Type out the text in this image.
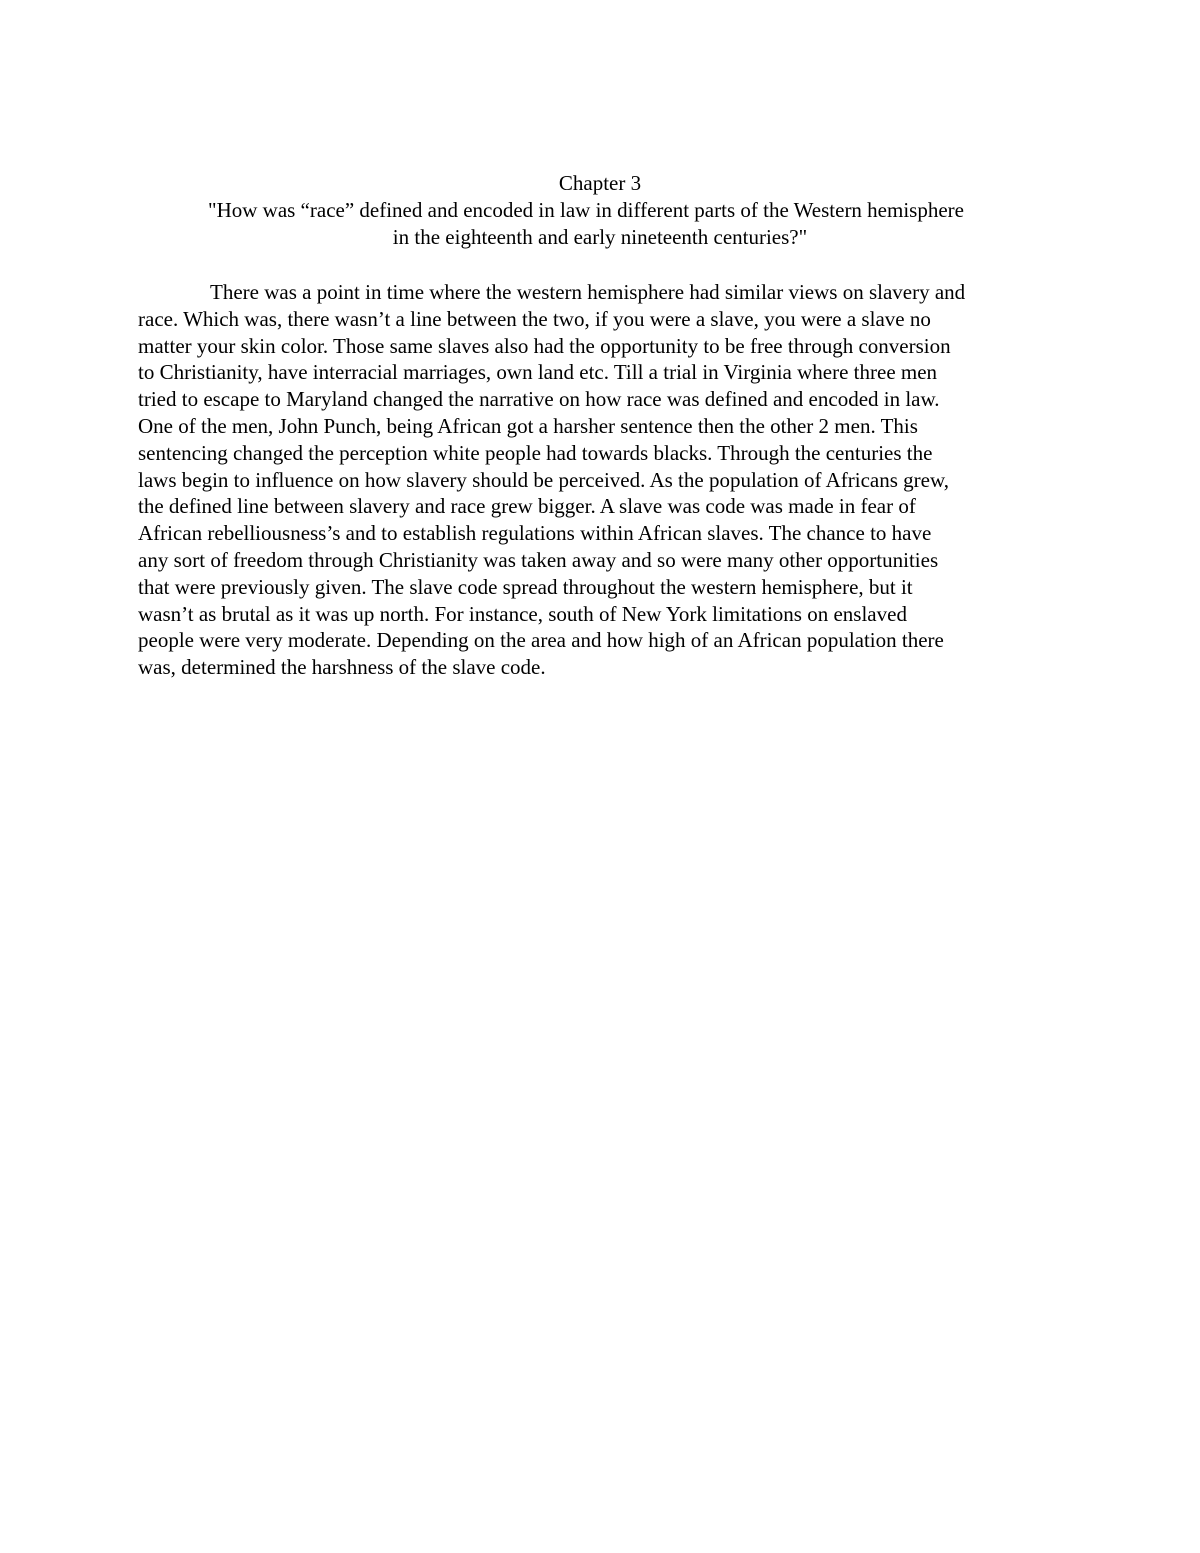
Chapter 3

"How was “race” defined and encoded in law in different parts of the Western hemisphere

in the eighteenth and early nineteenth centuries?"

There was a point in time where the western hemisphere had similar views on slavery and
race. Which was, there wasn’t a line between the two, if you were a slave, you were a slave no
matter your skin color. Those same slaves also had the opportunity to be free through conversion
to Christianity, have interracial marriages, own land etc. Till a trial in Virginia where three men
tried to escape to Maryland changed the narrative on how race was defined and encoded in law.
One of the men, John Punch, being African got a harsher sentence then the other 2 men. This
sentencing changed the perception white people had towards blacks. Through the centuries the
laws begin to influence on how slavery should be perceived. As the population of Africans grew,
the defined line between slavery and race grew bigger. A slave was code was made in fear of
African rebelliousness’s and to establish regulations within African slaves. The chance to have
any sort of freedom through Christianity was taken away and so were many other opportunities
that were previously given. The slave code spread throughout the western hemisphere, but it
wasn’t as brutal as it was up north. For instance, south of New York limitations on enslaved
people were very moderate. Depending on the area and how high of an African population there
was, determined the harshness of the slave code.
